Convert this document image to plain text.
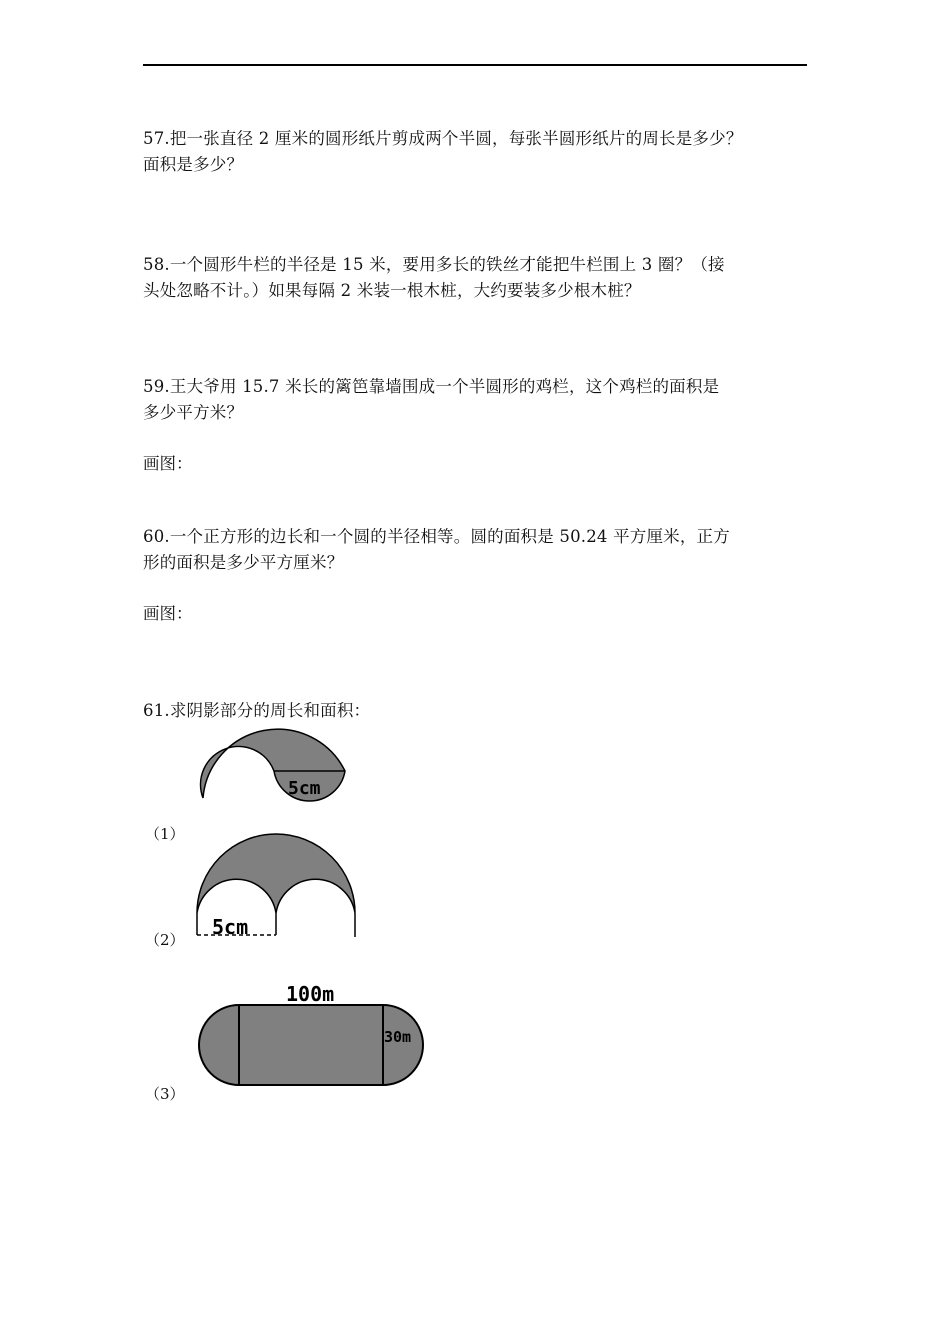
57.把一张直径 2 厘米的圆形纸片剪成两个半圆，每张半圆形纸片的周长是多少？

面积是多少？

58.一个圆形牛栏的半径是 15 米，要用多长的铁丝才能把牛栏围上 3 圈？（接

头处忽略不计。）如果每隔 2 米装一根木桩，大约要装多少根木桩？

59.王大爷用 15.7 米长的篱笆靠墙围成一个半圆形的鸡栏，这个鸡栏的面积是

多少平方米？

画图：

60.一个正方形的边长和一个圆的半径相等。圆的面积是 50.24 平方厘米，正方

形的面积是多少平方厘米？

画图：

61.求阴影部分的周长和面积：

5cm
（1）
5cm
（2）
100m
30m
（3）
